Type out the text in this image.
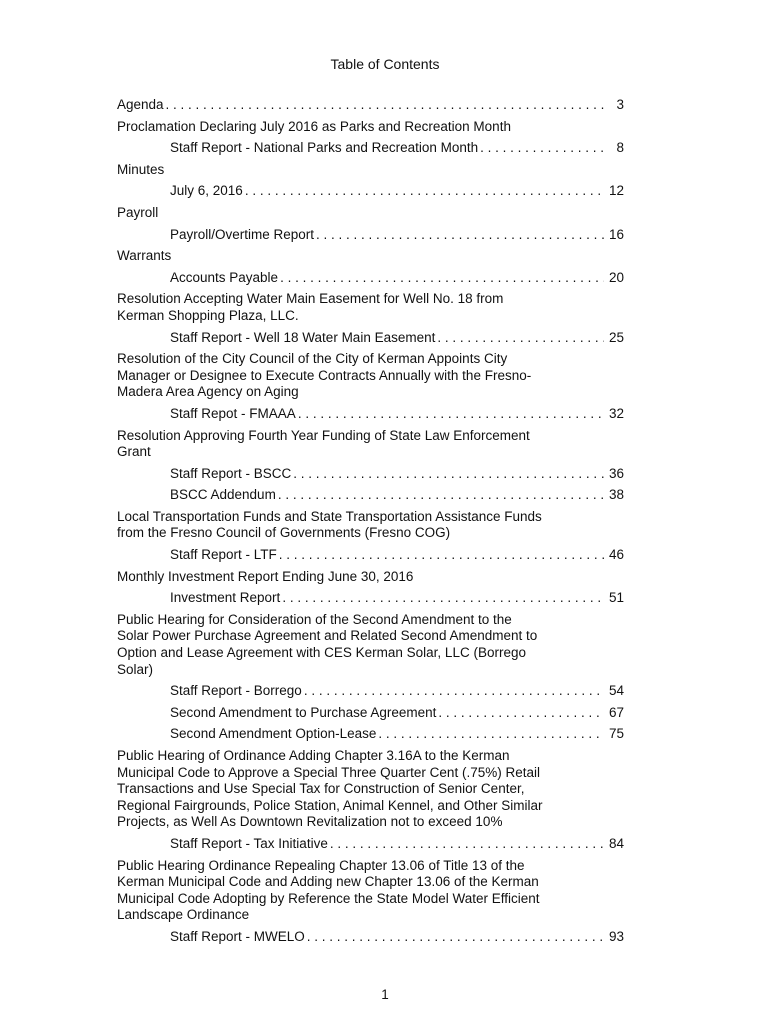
Table of Contents
Agenda . . .	3
Proclamation Declaring July 2016 as Parks and Recreation Month
Staff Report - National Parks and Recreation Month . . .	8
Minutes
July 6, 2016 . . .	12
Payroll
Payroll/Overtime Report . . .	16
Warrants
Accounts Payable . . .	20
Resolution Accepting Water Main Easement for Well No. 18 from Kerman Shopping Plaza, LLC.
Staff Report - Well 18 Water Main Easement . . .	25
Resolution of the City Council of the City of Kerman Appoints City Manager or Designee to Execute Contracts Annually with the Fresno-Madera Area Agency on Aging
Staff Repot - FMAAA . . .	32
Resolution Approving Fourth Year Funding of State Law Enforcement Grant
Staff Report - BSCC . . .	36
BSCC Addendum . . .	38
Local Transportation Funds and State Transportation Assistance Funds from the Fresno Council of Governments (Fresno COG)
Staff Report - LTF . . .	46
Monthly Investment Report Ending June 30, 2016
Investment Report . . .	51
Public Hearing for Consideration of the Second Amendment to the Solar Power Purchase Agreement and Related Second Amendment to Option and Lease Agreement with CES Kerman Solar, LLC (Borrego Solar)
Staff Report - Borrego . . .	54
Second Amendment to Purchase Agreement . . .	67
Second Amendment Option-Lease . . .	75
Public Hearing of Ordinance Adding Chapter 3.16A to the Kerman Municipal Code to Approve a Special Three Quarter Cent (.75%) Retail Transactions and Use Special Tax for Construction of Senior Center, Regional Fairgrounds, Police Station, Animal Kennel, and Other Similar Projects, as Well As Downtown Revitalization not to exceed 10%
Staff Report - Tax Initiative . . .	84
Public Hearing Ordinance Repealing Chapter 13.06 of Title 13 of the Kerman Municipal Code and Adding new Chapter 13.06 of the Kerman Municipal Code Adopting by Reference the State Model Water Efficient Landscape Ordinance
Staff Report - MWELO . . .	93
1
